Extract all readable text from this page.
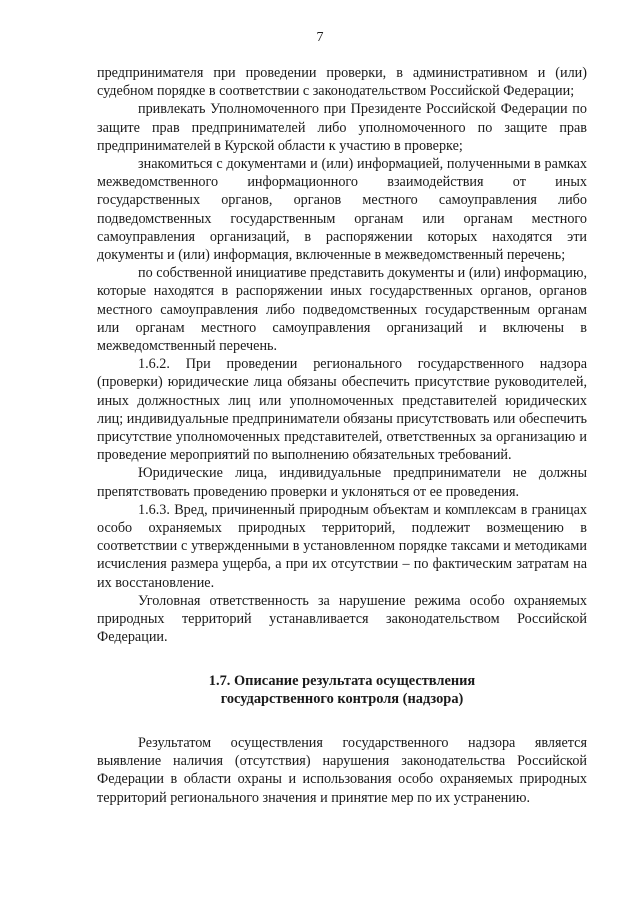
7

предпринимателя при проведении проверки, в административном и (или) судебном порядке в соответствии с законодательством Российской Федерации;

привлекать Уполномоченного при Президенте Российской Федерации по защите прав предпринимателей либо уполномоченного по защите прав предпринимателей в Курской области к участию в проверке;

знакомиться с документами и (или) информацией, полученными в рамках межведомственного информационного взаимодействия от иных государственных органов, органов местного самоуправления либо подведомственных государственным органам или органам местного самоуправления организаций, в распоряжении которых находятся эти документы и (или) информация, включенные в межведомственный перечень;

по собственной инициативе представить документы и (или) информацию, которые находятся в распоряжении иных государственных органов, органов местного самоуправления либо подведомственных государственным органам или органам местного самоуправления организаций и включены в межведомственный перечень.

1.6.2. При проведении регионального государственного надзора (проверки) юридические лица обязаны обеспечить присутствие руководителей, иных должностных лиц или уполномоченных представителей юридических лиц; индивидуальные предприниматели обязаны присутствовать или обеспечить присутствие уполномоченных представителей, ответственных за организацию и проведение мероприятий по выполнению обязательных требований.

Юридические лица, индивидуальные предприниматели не должны препятствовать проведению проверки и уклоняться от ее проведения.

1.6.3. Вред, причиненный природным объектам и комплексам в границах особо охраняемых природных территорий, подлежит возмещению в соответствии с утвержденными в установленном порядке таксами и методиками исчисления размера ущерба, а при их отсутствии – по фактическим затратам на их восстановление.

Уголовная ответственность за нарушение режима особо охраняемых природных территорий устанавливается законодательством Российской Федерации.

1.7. Описание результата осуществления
государственного контроля (надзора)

Результатом осуществления государственного надзора является выявление наличия (отсутствия) нарушения законодательства Российской Федерации в области охраны и использования особо охраняемых природных территорий регионального значения и принятие мер по их устранению.
